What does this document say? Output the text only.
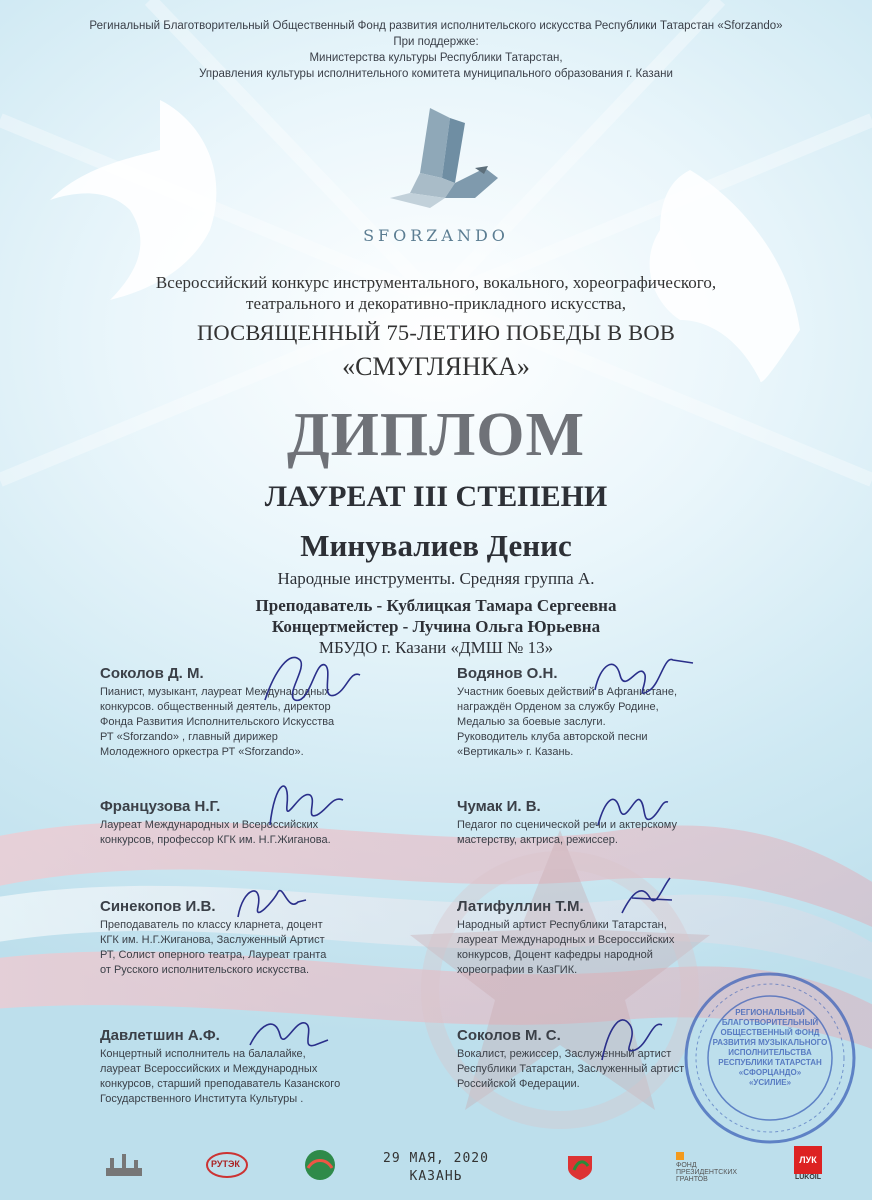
Регинальный Благотворительный Общественный Фонд развития исполнительского искусства Республики Татарстан «Sforzando»
При поддержке:
Министерства культуры Республики Татарстан,
Управления культуры исполнительного комитета муниципального образования г. Казани
SFORZANDO
Всероссийский конкурс инструментального, вокального, хореографического,
театрального и декоративно-прикладного искусства,
ПОСВЯЩЕННЫЙ 75-ЛЕТИЮ ПОБЕДЫ В ВОВ
«СМУГЛЯНКА»
ДИПЛОМ
ЛАУРЕАТ III СТЕПЕНИ
Минувалиев Денис
Народные инструменты. Средняя группа А.
Преподаватель - Кублицкая Тамара Сергеевна
Концертмейстер - Лучина Ольга Юрьевна
МБУДО г. Казани «ДМШ № 13»
Соколов Д. М.
Пианист, музыкант, лауреат Международных
конкурсов. общественный деятель, директор
Фонда Развития Исполнительского Искусства
РТ «Sforzando» , главный дирижер
Молодежного оркестра РТ «Sforzando».
Французова Н.Г.
Лауреат Международных и Всероссийских
конкурсов, профессор КГК им. Н.Г.Жиганова.
Синекопов И.В.
Преподаватель по классу кларнета, доцент
КГК им. Н.Г.Жиганова, Заслуженный Артист
РТ, Солист оперного театра, Лауреат гранта
от Русского исполнительского искусства.
Давлетшин А.Ф.
Концертный исполнитель на балалайке,
лауреат Всероссийских и Международных
конкурсов, старший преподаватель Казанского
Государственного Института Культуры .
Водянов О.Н.
Участник боевых действий в Афганистане,
награждён Орденом за службу Родине,
Медалью за боевые заслуги.
Руководитель клуба авторской песни
«Вертикаль» г. Казань.
Чумак И. В.
Педагог по сценической речи и актерскому
мастерству, актриса, режиссер.
Латифуллин Т.М.
Народный артист Республики Татарстан,
лауреат Международных и Всероссийских
конкурсов, Доцент кафедры народной
хореографии в КазГИК.
Соколов М. С.
Вокалист, режиссер, Заслуженный артист
Республики Татарстан, Заслуженный артист
Российской Федерации.
РЕГИОНАЛЬНЫЙ
БЛАГОТВОРИТЕЛЬНЫЙ
ОБЩЕСТВЕННЫЙ ФОНД
РАЗВИТИЯ МУЗЫКАЛЬНОГО
ИСПОЛНИТЕЛЬСТВА
РЕСПУБЛИКИ ТАТАРСТАН
«СФОРЦАНДО»
«УСИЛИЕ»
29 МАЯ, 2020
КАЗАНЬ
РУТЭК	ФОНД
ПРЕЗИДЕНТСКИХ
ГРАНТОВ
ЛУК
LUKOIL
